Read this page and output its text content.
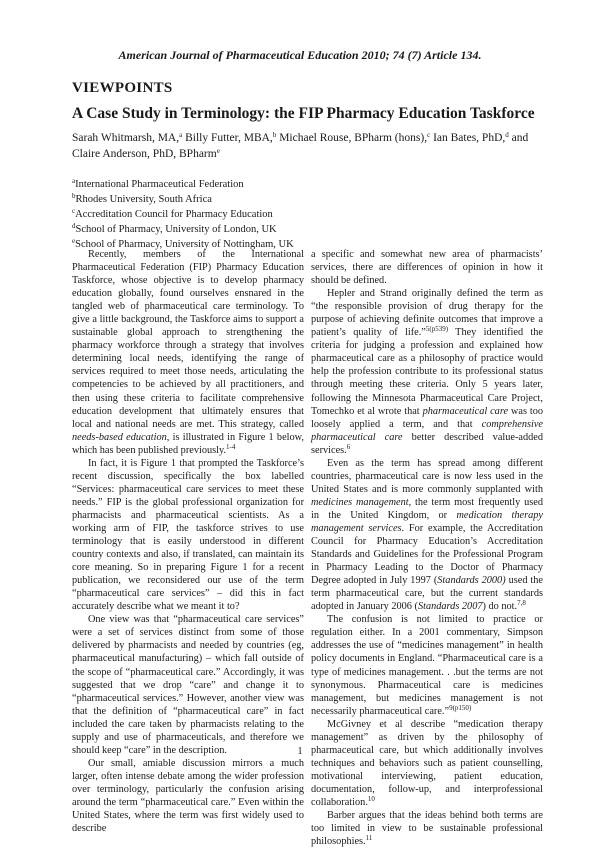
American Journal of Pharmaceutical Education 2010; 74 (7) Article 134.
VIEWPOINTS
A Case Study in Terminology: the FIP Pharmacy Education Taskforce
Sarah Whitmarsh, MA,$^a$ Billy Futter, MBA,$^b$ Michael Rouse, BPharm (hons),$^c$ Ian Bates, PhD,$^d$ and Claire Anderson, PhD, BPharm$^e$
$^a$International Pharmaceutical Federation
$^b$Rhodes University, South Africa
$^c$Accreditation Council for Pharmacy Education
$^d$School of Pharmacy, University of London, UK
$^e$School of Pharmacy, University of Nottingham, UK

Recently, members of the International Pharmaceutical Federation (FIP) Pharmacy Education Taskforce, whose objective is to develop pharmacy education globally, found ourselves ensnared in the tangled web of pharmaceutical care terminology. To give a little background, the Taskforce aims to support a sustainable global approach to strengthening the pharmacy workforce through a strategy that involves determining local needs, identifying the range of services required to meet those needs, articulating the competencies to be achieved by all practitioners, and then using these criteria to facilitate comprehensive education development that ultimately ensures that local and national needs are met. This strategy, called needs-based education, is illustrated in Figure 1 below, which has been published previously.$^{1-4}$

In fact, it is Figure 1 that prompted the Taskforce’s recent discussion, specifically the box labelled “Services: pharmaceutical care services to meet these needs.” FIP is the global professional organization for pharmacists and pharmaceutical scientists. As a working arm of FIP, the taskforce strives to use terminology that is easily understood in different country contexts and also, if translated, can maintain its core meaning. So in preparing Figure 1 for a recent publication, we reconsidered our use of the term “pharmaceutical care services” – did this in fact accurately describe what we meant it to?

One view was that “pharmaceutical care services” were a set of services distinct from some of those delivered by pharmacists and needed by countries (eg, pharmaceutical manufacturing) – which fall outside of the scope of “pharmaceutical care.” Accordingly, it was suggested that we drop “care” and change it to “pharmaceutical services.” However, another view was that the definition of “pharmaceutical care” in fact included the care taken by pharmacists relating to the supply and use of pharmaceuticals, and therefore we should keep “care” in the description.

Our small, amiable discussion mirrors a much larger, often intense debate among the wider profession over terminology, particularly the confusion arising around the term “pharmaceutical care.” Even within the United States, where the term was first widely used to describe

a specific and somewhat new area of pharmacists’ services, there are differences of opinion in how it should be defined.

Hepler and Strand originally defined the term as “the responsible provision of drug therapy for the purpose of achieving definite outcomes that improve a patient’s quality of life.”$^{5(p539)}$ They identified the criteria for judging a profession and explained how pharmaceutical care as a philosophy of practice would help the profession contribute to its professional status through meeting these criteria. Only 5 years later, following the Minnesota Pharmaceutical Care Project, Tomechko et al wrote that pharmaceutical care was too loosely applied a term, and that comprehensive pharmaceutical care better described value-added services.$^6$

Even as the term has spread among different countries, pharmaceutical care is now less used in the United States and is more commonly supplanted with medicines management, the term most frequently used in the United Kingdom, or medication therapy management services. For example, the Accreditation Council for Pharmacy Education’s Accreditation Standards and Guidelines for the Professional Program in Pharmacy Leading to the Doctor of Pharmacy Degree adopted in July 1997 (Standards 2000) used the term pharmaceutical care, but the current standards adopted in January 2006 (Standards 2007) do not.$^{7,8}$

The confusion is not limited to practice or regulation either. In a 2001 commentary, Simpson addresses the use of “medicines management” in health policy documents in England. “Pharmaceutical care is a type of medicines management. . .but the terms are not synonymous. Pharmaceutical care is medicines management, but medicines management is not necessarily pharmaceutical care.”$^{9(p150)}$

McGivney et al describe “medication therapy management” as driven by the philosophy of pharmaceutical care, but which additionally involves techniques and behaviors such as patient counselling, motivational interviewing, patient education, documentation, follow-up, and interprofessional collaboration.$^{10}$

Barber argues that the ideas behind both terms are too limited in view to be sustainable professional philosophies.$^{11}$

1
